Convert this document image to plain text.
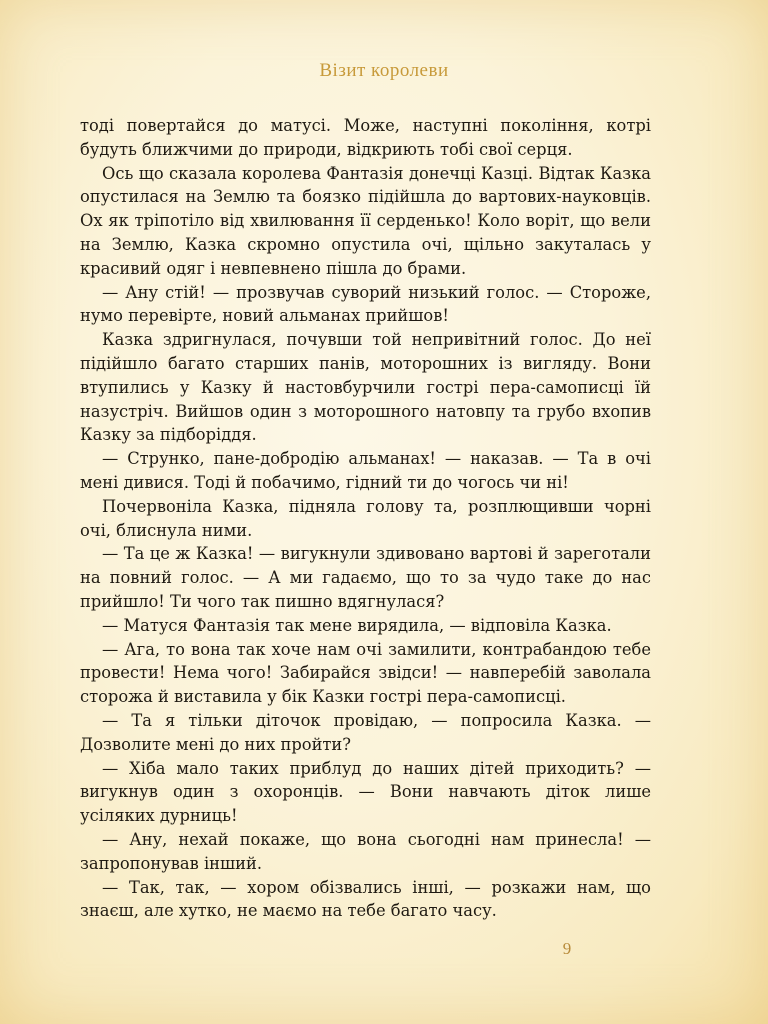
Візит королеви

тоді повертайся до матусі. Може, наступні покоління, котрі будуть ближчими до природи, відкриють тобі свої серця.

Ось що сказала королева Фантазія донечці Казці. Відтак Казка опустилася на Землю та боязко підійшла до вартових-науковців. Ох як тріпотіло від хвилювання її серденько! Коло воріт, що вели на Землю, Казка скромно опустила очі, щільно закуталась у красивий одяг і невпевнено пішла до брами.

— Ану стій! — прозвучав суворий низький голос. — Стороже, нумо перевірте, новий альманах прийшов!

Казка здригнулася, почувши той непривітний голос. До неї підійшло багато старших панів, моторошних із вигляду. Вони втупились у Казку й настовбурчили гострі пера-самописці їй назустріч. Вийшов один з моторошного натовпу та грубо вхопив Казку за підборіддя.

— Струнко, пане-добродію альманах! — наказав. — Та в очі мені дивися. Тоді й побачимо, гідний ти до чогось чи ні!

Почервоніла Казка, підняла голову та, розплющивши чорні очі, блиснула ними.

— Та це ж Казка! — вигукнули здивовано вартові й зареготали на повний голос. — А ми гадаємо, що то за чудо таке до нас прийшло! Ти чого так пишно вдягнулася?

— Матуся Фантазія так мене вирядила, — відповіла Казка.

— Ага, то вона так хоче нам очі замилити, контрабандою тебе провести! Нема чого! Забирайся звідси! — навперебій заволала сторожа й виставила у бік Казки гострі пера-самописці.

— Та я тільки діточок провідаю, — попросила Казка. — Дозволите мені до них пройти?

— Хіба мало таких приблуд до наших дітей приходить? — вигукнув один з охоронців. — Вони навчають діток лише усіляких дурниць!

— Ану, нехай покаже, що вона сьогодні нам принесла! — запропонував інший.

— Так, так, — хором обізвались інші, — розкажи нам, що знаєш, але хутко, не маємо на тебе багато часу.

9
